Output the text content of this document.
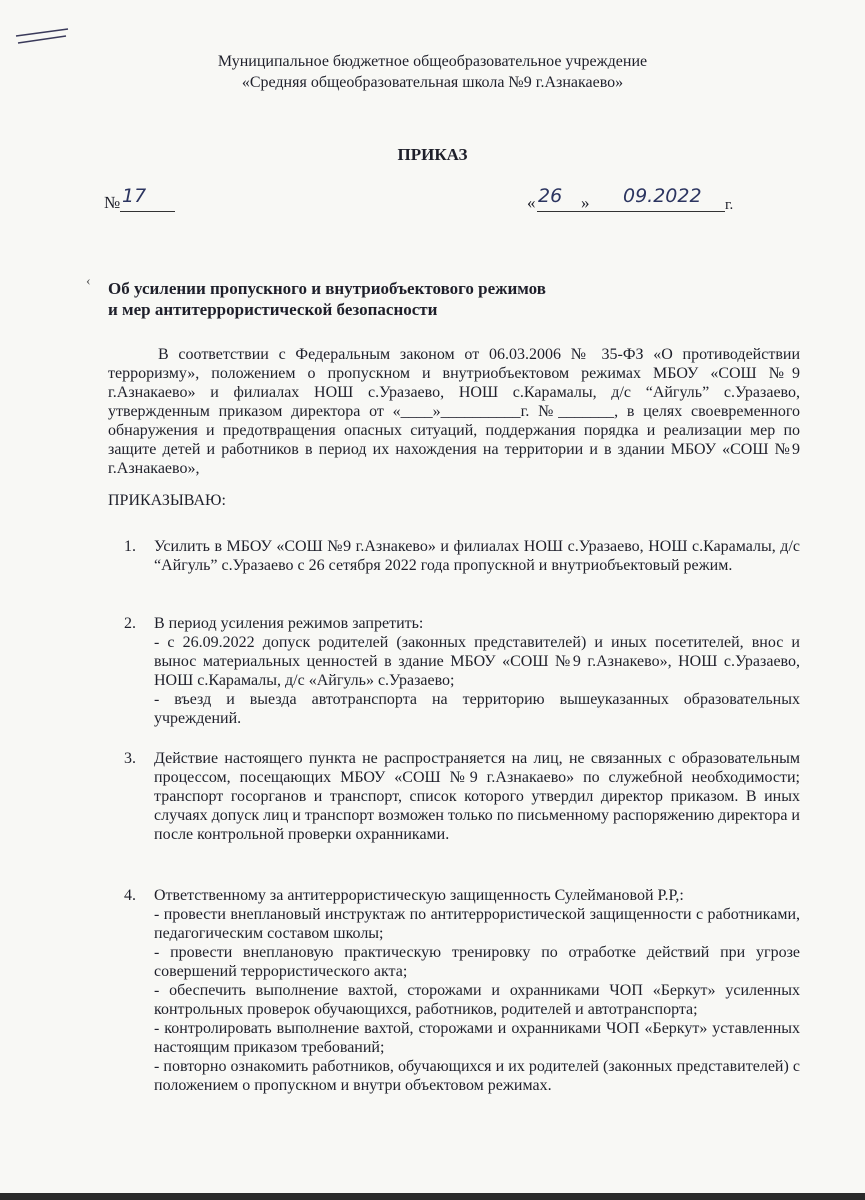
Муниципальное бюджетное общеобразовательное учреждение
«Средняя общеобразовательная школа №9 г.Азнакаево»
ПРИКАЗ
№ 17	« 26 » 09.2022 г.
‹ Об усилении пропускного и внутриобъектового режимов
и мер антитеррористической безопасности
В соответствии с Федеральным законом от 06.03.2006 № 35-ФЗ «О противодействии терроризму», положением о пропускном и внутриобъектовом режимах МБОУ «СОШ №9 г.Азнакаево» и филиалах НОШ с.Уразаево, НОШ с.Карамалы, д/с “Айгуль” с.Уразаево, утвержденным приказом директора от «____»__________г. №_______, в целях своевременного обнаружения и предотвращения опасных ситуаций, поддержания порядка и реализации мер по защите детей и работников в период их нахождения на территории и в здании МБОУ «СОШ №9 г.Азнакаево»,
ПРИКАЗЫВАЮ:
1. Усилить в МБОУ «СОШ №9 г.Азнакево» и филиалах НОШ с.Уразаево, НОШ с.Карамалы, д/с “Айгуль” с.Уразаево с 26 сетября 2022 года пропускной и внутриобъектовый режим.
2. В период усиления режимов запретить:
- с 26.09.2022 допуск родителей (законных представителей) и иных посетителей, внос и вынос материальных ценностей в здание МБОУ «СОШ №9 г.Азнакево», НОШ с.Уразаево, НОШ с.Карамалы, д/с «Айгуль» с.Уразаево;
- въезд и выезда автотранспорта на территорию вышеуказанных образовательных учреждений.
3. Действие настоящего пункта не распространяется на лиц, не связанных с образовательным процессом, посещающих МБОУ «СОШ №9 г.Азнакаево» по служебной необходимости; транспорт госорганов и транспорт, список которого утвердил директор приказом. В иных случаях допуск лиц и транспорт возможен только по письменному распоряжению директора и после контрольной проверки охранниками.
4. Ответственному за антитеррористическую защищенность Сулеймановой Р.Р,:
- провести внеплановый инструктаж по антитеррористической защищенности с работниками, педагогическим составом школы;
- провести внеплановую практическую тренировку по отработке действий при угрозе совершений террористического акта;
- обеспечить выполнение вахтой, сторожами и охранниками ЧОП «Беркут» усиленных контрольных проверок обучающихся, работников, родителей и автотранспорта;
- контролировать выполнение вахтой, сторожами и охранниками ЧОП «Беркут» уставленных настоящим приказом требований;
- повторно ознакомить работников, обучающихся и их родителей (законных представителей) с положением о пропускном и внутри объектовом режимах.
